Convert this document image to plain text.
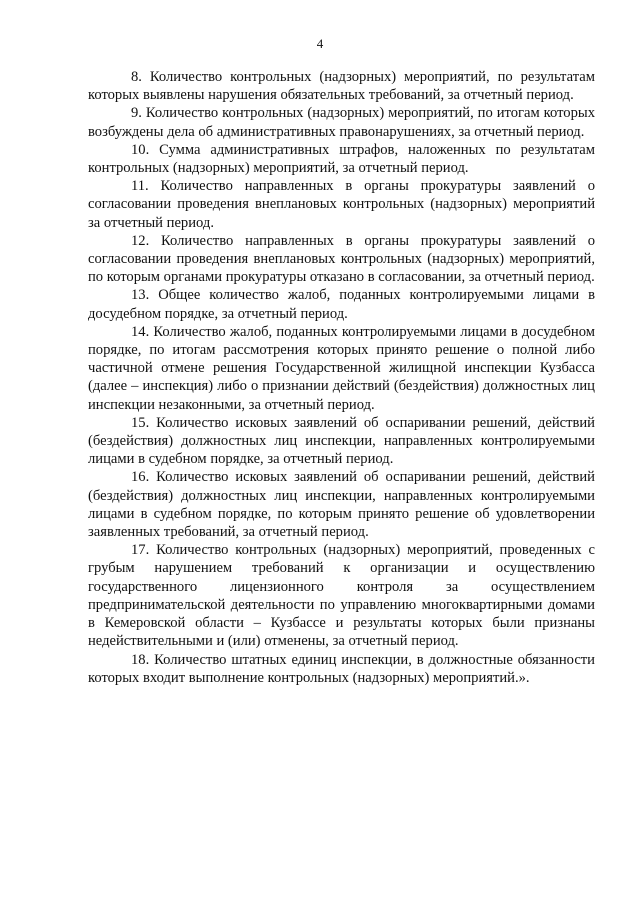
4

8. Количество контрольных (надзорных) мероприятий, по результатам которых выявлены нарушения обязательных требований, за отчетный период.

9. Количество контрольных (надзорных) мероприятий, по итогам которых возбуждены дела об административных правонарушениях, за отчетный период.

10. Сумма административных штрафов, наложенных по результатам контрольных (надзорных) мероприятий, за отчетный период.

11. Количество направленных в органы прокуратуры заявлений о согласовании проведения внеплановых контрольных (надзорных) мероприятий за отчетный период.

12. Количество направленных в органы прокуратуры заявлений о согласовании проведения внеплановых контрольных (надзорных) мероприятий, по которым органами прокуратуры отказано в согласовании, за отчетный период.

13. Общее количество жалоб, поданных контролируемыми лицами в досудебном порядке, за отчетный период.

14. Количество жалоб, поданных контролируемыми лицами в досудебном порядке, по итогам рассмотрения которых принято решение о полной либо частичной отмене решения Государственной жилищной инспекции Кузбасса (далее – инспекция) либо о признании действий (бездействия) должностных лиц инспекции незаконными, за отчетный период.

15. Количество исковых заявлений об оспаривании решений, действий (бездействия) должностных лиц инспекции, направленных контролируемыми лицами в судебном порядке, за отчетный период.

16. Количество исковых заявлений об оспаривании решений, действий (бездействия) должностных лиц инспекции, направленных контролируемыми лицами в судебном порядке, по которым принято решение об удовлетворении заявленных требований, за отчетный период.

17. Количество контрольных (надзорных) мероприятий, проведенных с грубым нарушением требований к организации и осуществлению государственного лицензионного контроля за осуществлением предпринимательской деятельности по управлению многоквартирными домами в Кемеровской области – Кузбассе и результаты которых были признаны недействительными и (или) отменены, за отчетный период.

18. Количество штатных единиц инспекции, в должностные обязанности которых входит выполнение контрольных (надзорных) мероприятий.».
